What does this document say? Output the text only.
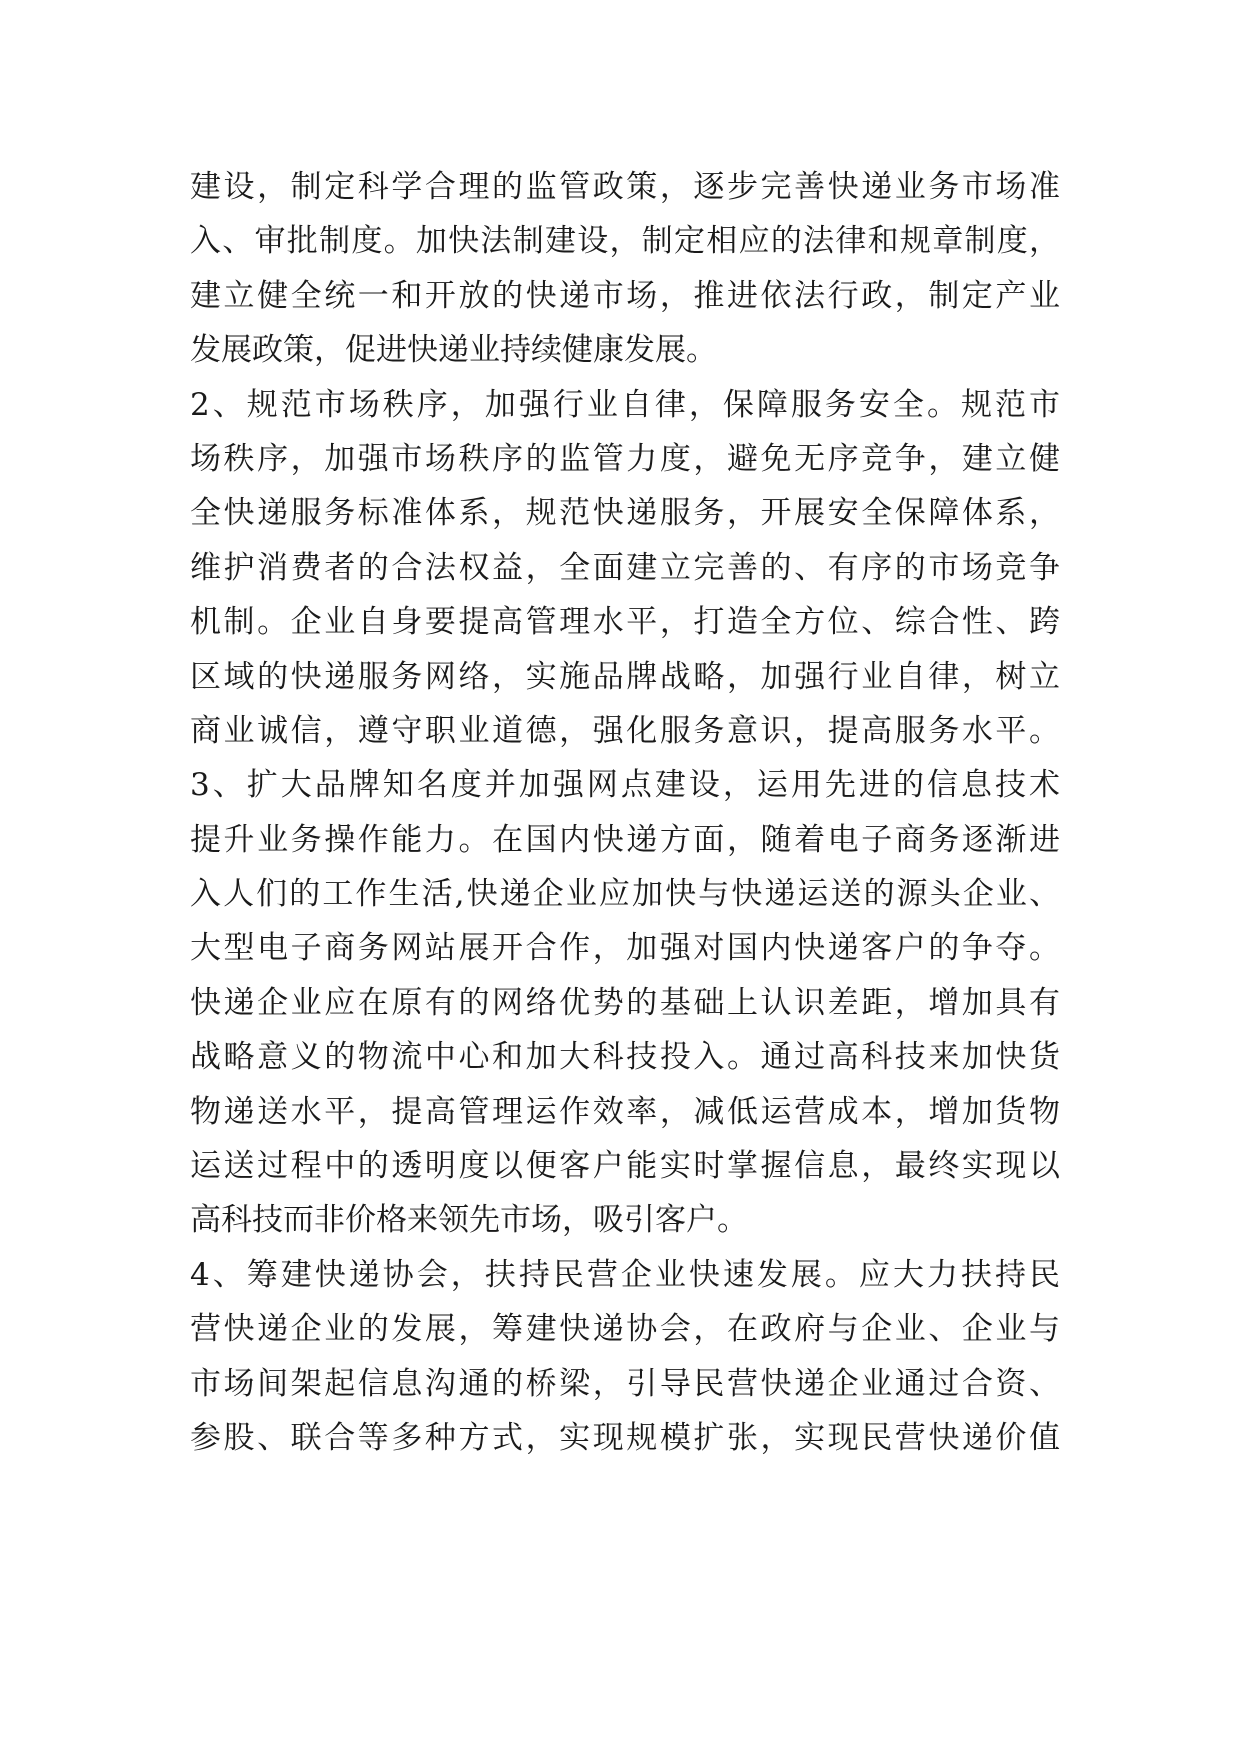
建设，制定科学合理的监管政策，逐步完善快递业务市场准
入、审批制度。加快法制建设，制定相应的法律和规章制度，
建立健全统一和开放的快递市场，推进依法行政，制定产业
发展政策，促进快递业持续健康发展。
2、规范市场秩序，加强行业自律，保障服务安全。规范市
场秩序，加强市场秩序的监管力度，避免无序竞争，建立健
全快递服务标准体系，规范快递服务，开展安全保障体系，
维护消费者的合法权益，全面建立完善的、有序的市场竞争
机制。企业自身要提高管理水平，打造全方位、综合性、跨
区域的快递服务网络，实施品牌战略，加强行业自律，树立
商业诚信，遵守职业道德，强化服务意识，提高服务水平。
3、扩大品牌知名度并加强网点建设，运用先进的信息技术
提升业务操作能力。在国内快递方面，随着电子商务逐渐进
入人们的工作生活,快递企业应加快与快递运送的源头企业、
大型电子商务网站展开合作，加强对国内快递客户的争夺。
快递企业应在原有的网络优势的基础上认识差距，增加具有
战略意义的物流中心和加大科技投入。通过高科技来加快货
物递送水平，提高管理运作效率，减低运营成本，增加货物
运送过程中的透明度以便客户能实时掌握信息，最终实现以
高科技而非价格来领先市场，吸引客户。
4、筹建快递协会，扶持民营企业快速发展。应大力扶持民
营快递企业的发展，筹建快递协会，在政府与企业、企业与
市场间架起信息沟通的桥梁，引导民营快递企业通过合资、
参股、联合等多种方式，实现规模扩张，实现民营快递价值
